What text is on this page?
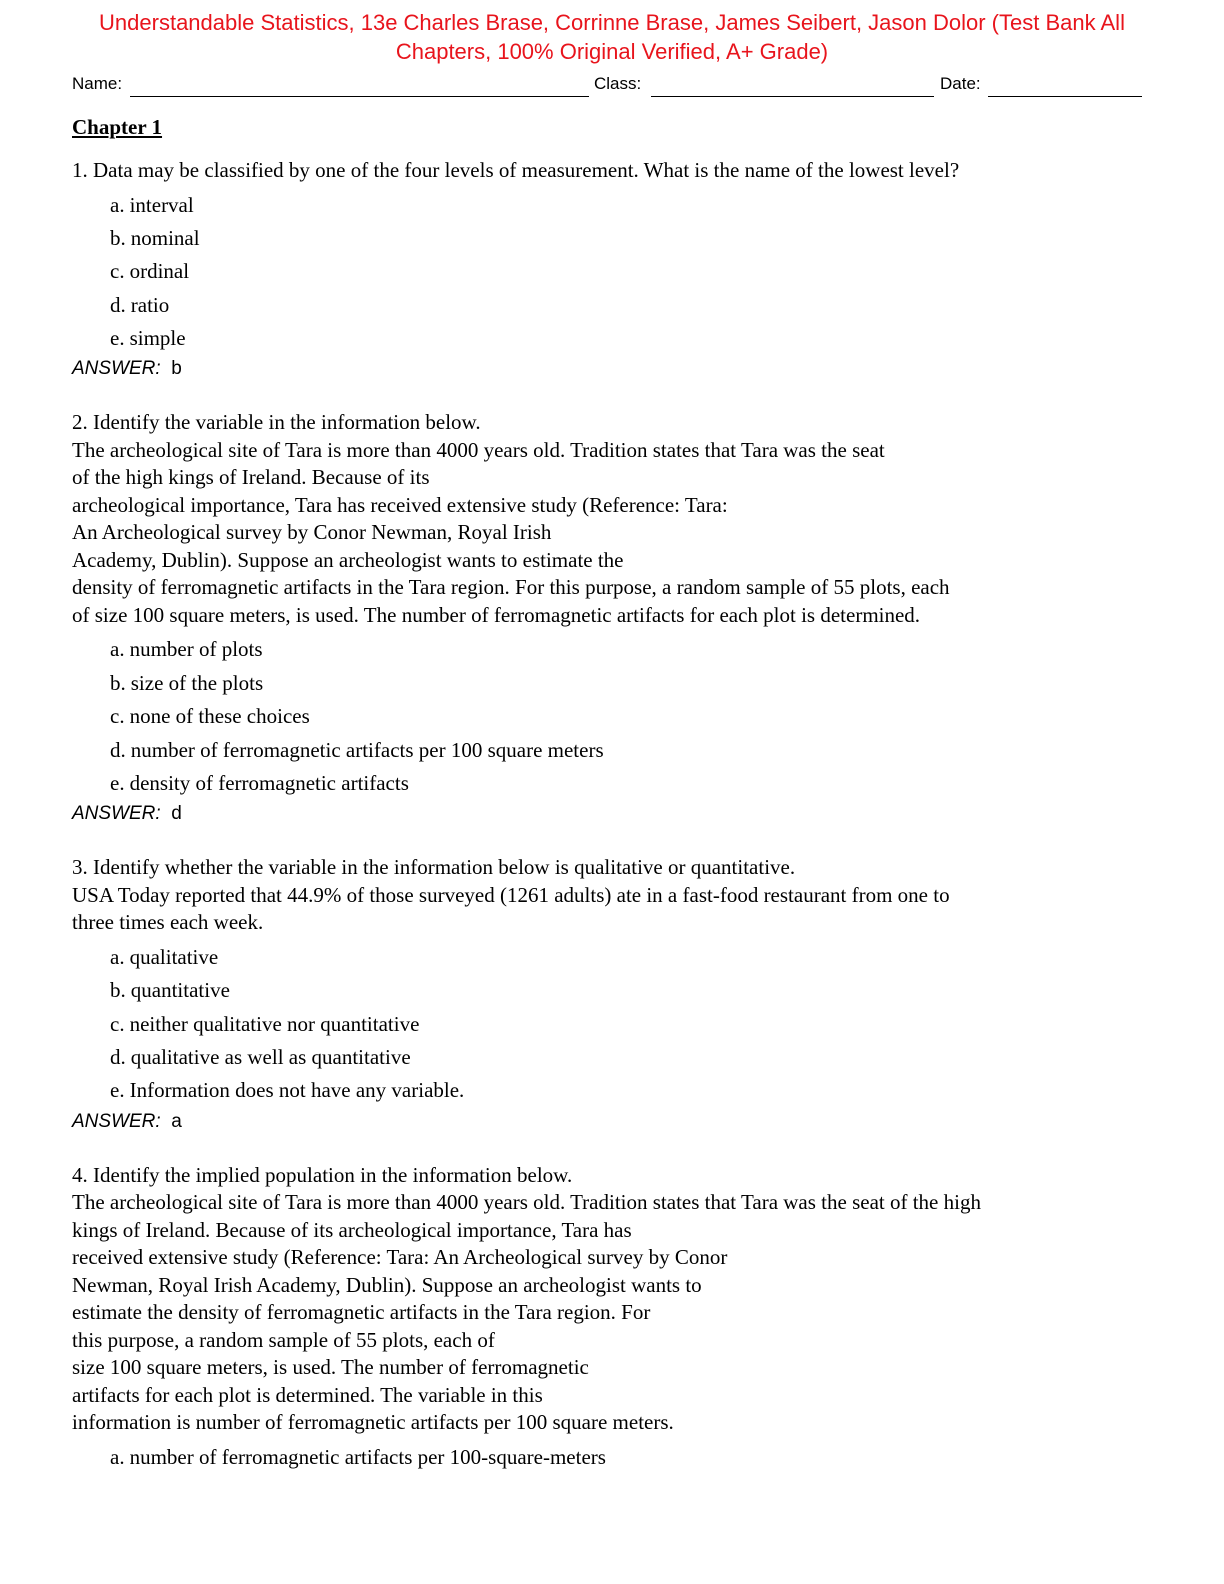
Understandable Statistics, 13e Charles Brase, Corrinne Brase, James Seibert, Jason Dolor (Test Bank All
Chapters, 100% Original Verified, A+ Grade)
Name:	Class:	Date:
Chapter 1

1. Data may be classified by one of the four levels of measurement. What is the name of the lowest level?

a. interval
b. nominal
c. ordinal
d. ratio
e. simple

ANSWER: b

2. Identify the variable in the information below.
The archeological site of Tara is more than 4000 years old. Tradition states that Tara was the seat
of the high kings of Ireland. Because of its
archeological importance, Tara has received extensive study (Reference: Tara:
An Archeological survey by Conor Newman, Royal Irish
Academy, Dublin). Suppose an archeologist wants to estimate the
density of ferromagnetic artifacts in the Tara region. For this purpose, a random sample of 55 plots, each
of size 100 square meters, is used. The number of ferromagnetic artifacts for each plot is determined.

a. number of plots
b. size of the plots
c. none of these choices
d. number of ferromagnetic artifacts per 100 square meters
e. density of ferromagnetic artifacts

ANSWER: d

3. Identify whether the variable in the information below is qualitative or quantitative.
USA Today reported that 44.9% of those surveyed (1261 adults) ate in a fast-food restaurant from one to
three times each week.

a. qualitative
b. quantitative
c. neither qualitative nor quantitative
d. qualitative as well as quantitative
e. Information does not have any variable.

ANSWER: a

4. Identify the implied population in the information below.
The archeological site of Tara is more than 4000 years old. Tradition states that Tara was the seat of the high
kings of Ireland. Because of its archeological importance, Tara has
received extensive study (Reference: Tara: An Archeological survey by Conor
Newman, Royal Irish Academy, Dublin). Suppose an archeologist wants to
estimate the density of ferromagnetic artifacts in the Tara region. For
this purpose, a random sample of 55 plots, each of
size 100 square meters, is used. The number of ferromagnetic
artifacts for each plot is determined. The variable in this
information is number of ferromagnetic artifacts per 100 square meters.

a. number of ferromagnetic artifacts per 100-square-meters
